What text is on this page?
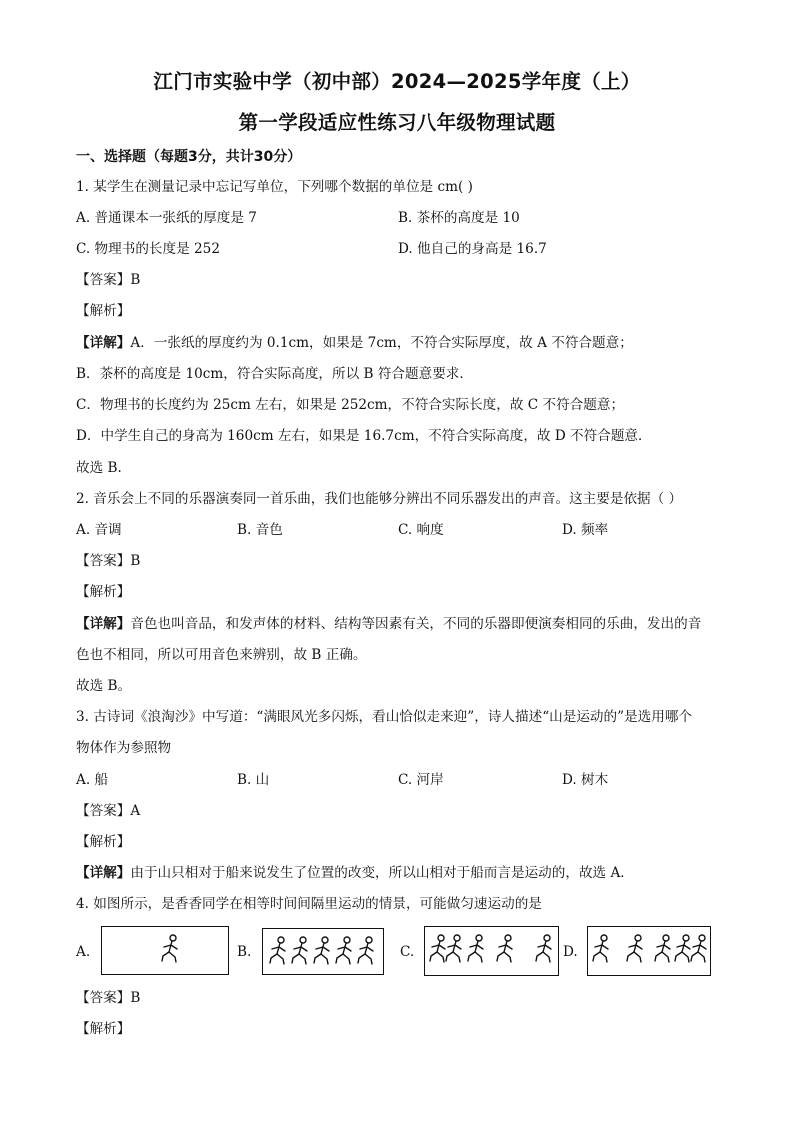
江门市实验中学（初中部）2024—2025学年度（上）
第一学段适应性练习八年级物理试题
一、选择题（每题3分，共计30分）
1. 某学生在测量记录中忘记写单位，下列哪个数据的单位是 cm( )
A. 普通课本一张纸的厚度是 7	B. 茶杯的高度是 10
C. 物理书的长度是 252	D. 他自己的身高是 16.7
【答案】B
【解析】
【详解】A．一张纸的厚度约为 0.1cm，如果是 7cm，不符合实际厚度，故 A 不符合题意；
B．茶杯的高度是 10cm，符合实际高度，所以 B 符合题意要求．
C．物理书的长度约为 25cm 左右，如果是 252cm，不符合实际长度，故 C 不符合题意；
D．中学生自己的身高为 160cm 左右，如果是 16.7cm，不符合实际高度，故 D 不符合题意．
故选 B.
2. 音乐会上不同的乐器演奏同一首乐曲，我们也能够分辨出不同乐器发出的声音。这主要是依据（ ）
A. 音调	B. 音色	C. 响度	D. 频率
【答案】B
【解析】
【详解】音色也叫音品，和发声体的材料、结构等因素有关，不同的乐器即便演奏相同的乐曲，发出的音
色也不相同，所以可用音色来辨别，故 B 正确。
故选 B。
3. 古诗词《浪淘沙》中写道：“满眼风光多闪烁，看山恰似走来迎”，诗人描述“山是运动的”是选用哪个
物体作为参照物
A. 船	B. 山	C. 河岸	D. 树木
【答案】A
【解析】
【详解】由于山只相对于船来说发生了位置的改变，所以山相对于船而言是运动的，故选 A．
4. 如图所示，是香香同学在相等时间间隔里运动的情景，可能做匀速运动的是
A.	B.	C.	D.
【答案】B
【解析】
